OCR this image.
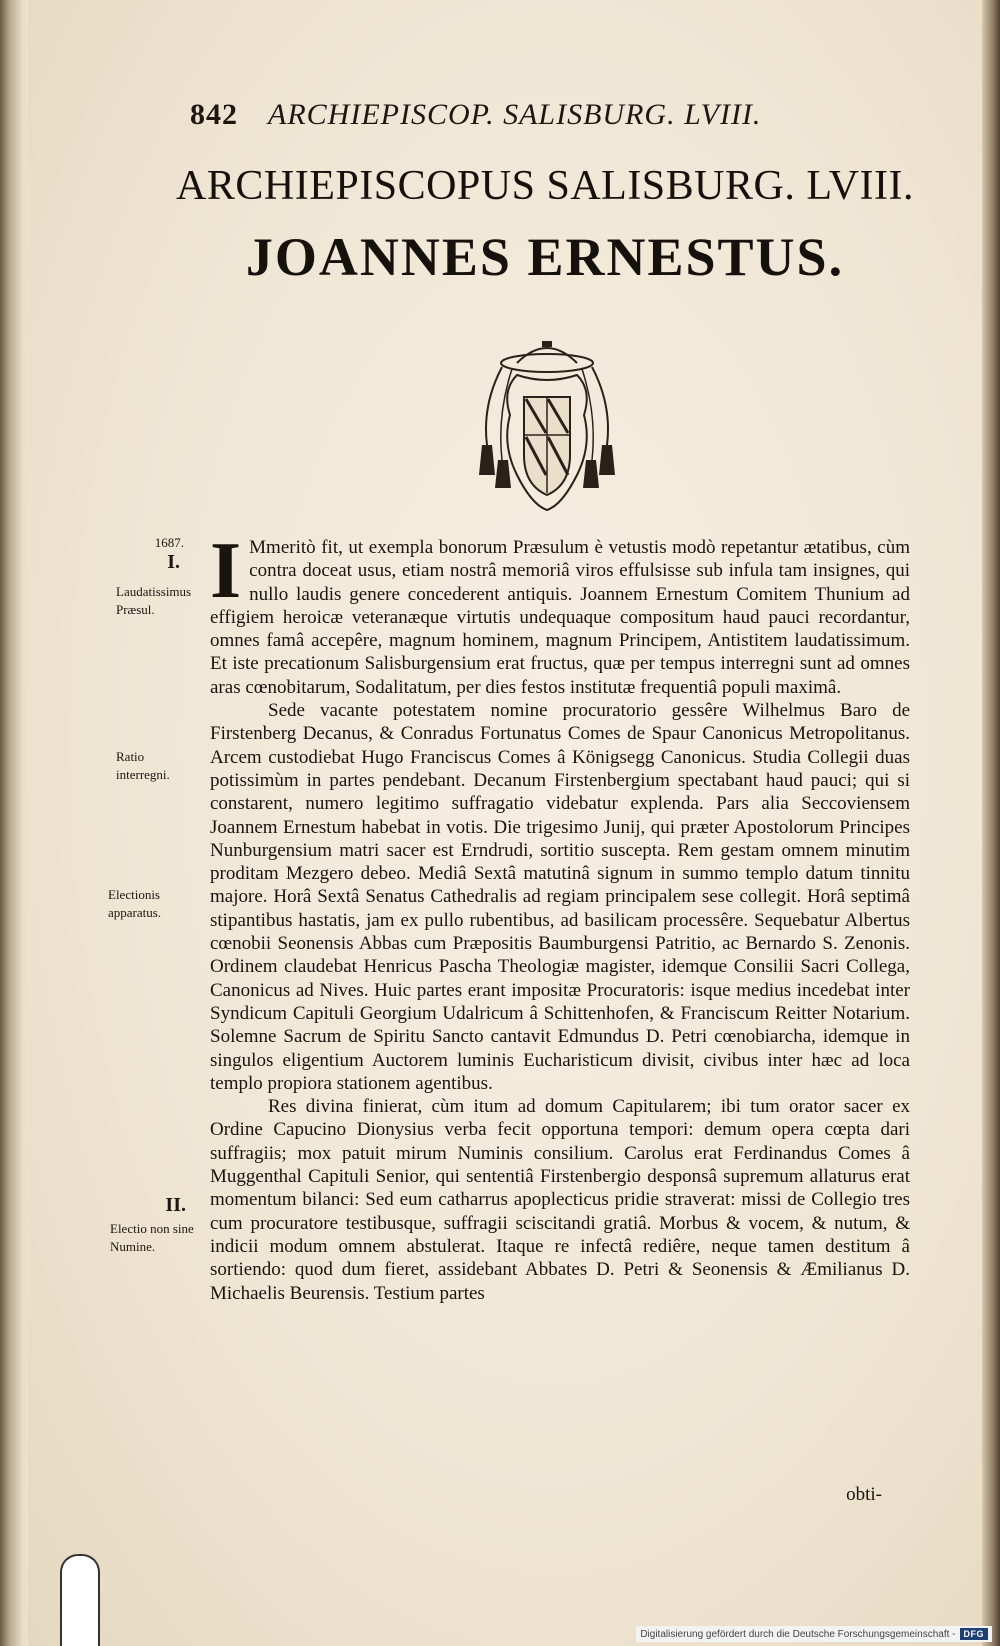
842 ARCHIEPISCOP. SALISBURG. LVIII.
ARCHIEPISCOPUS SALISBURG. LVIII.
JOANNES ERNESTUS.
1687.
I.
Laudatissimus Præsul.
Ratio interregni.
Electionis apparatus.
II.
Electio non sine Numine.

I Mmeritò fit, ut exempla bonorum Præsulum è vetustis modò repetantur ætatibus, cùm contra doceat usus, etiam nostrâ memoriâ viros effulsisse sub infula tam insignes, qui nullo laudis genere concederent antiquis. Joannem Ernestum Comitem Thunium ad effigiem heroicæ veteranæque virtutis undequaque compositum haud pauci recordantur, omnes famâ accepêre, magnum hominem, magnum Principem, Antistitem laudatissimum. Et iste precationum Salisburgensium erat fructus, quæ per tempus interregni sunt ad omnes aras cœnobitarum, Sodalitatum, per dies festos institutæ frequentiâ populi maximâ.

Sede vacante potestatem nomine procuratorio gessêre Wilhelmus Baro de Firstenberg Decanus, & Conradus Fortunatus Comes de Spaur Canonicus Metropolitanus. Arcem custodiebat Hugo Franciscus Comes â Königsegg Canonicus. Studia Collegii duas potissimùm in partes pendebant. Decanum Firstenbergium spectabant haud pauci; qui si constarent, numero legitimo suffragatio videbatur explenda. Pars alia Seccoviensem Joannem Ernestum habebat in votis. Die trigesimo Junij, qui præter Apostolorum Principes Nunburgensium matri sacer est Erndrudi, sortitio suscepta. Rem gestam omnem minutim proditam Mezgero debeo. Mediâ Sextâ matutinâ signum in summo templo datum tinnitu majore. Horâ Sextâ Senatus Cathedralis ad regiam principalem sese collegit. Horâ septimâ stipantibus hastatis, jam ex pullo rubentibus, ad basilicam processêre. Sequebatur Albertus cœnobii Seonensis Abbas cum Præpositis Baumburgensi Patritio, ac Bernardo S. Zenonis. Ordinem claudebat Henricus Pascha Theologiæ magister, idemque Consilii Sacri Collega, Canonicus ad Nives. Huic partes erant impositæ Procuratoris: isque medius incedebat inter Syndicum Capituli Georgium Udalricum â Schittenhofen, & Franciscum Reitter Notarium. Solemne Sacrum de Spiritu Sancto cantavit Edmundus D. Petri cœnobiarcha, idemque in singulos eligentium Auctorem luminis Eucharisticum divisit, civibus inter hæc ad loca templo propiora stationem agentibus.

Res divina finierat, cùm itum ad domum Capitularem; ibi tum orator sacer ex Ordine Capucino Dionysius verba fecit opportuna tempori: demum opera cœpta dari suffragiis; mox patuit mirum Numinis consilium. Carolus erat Ferdinandus Comes â Muggenthal Capituli Senior, qui sententiâ Firstenbergio desponsâ supremum allaturus erat momentum bilanci: Sed eum catharrus apoplecticus pridie straverat: missi de Collegio tres cum procuratore testibusque, suffragii sciscitandi gratiâ. Morbus & vocem, & nutum, & indicii modum omnem abstulerat. Itaque re infectâ rediêre, neque tamen destitum â sortiendo: quod dum fieret, assidebant Abbates D. Petri & Seonensis & Æmilianus D. Michaelis Beurensis. Testium partes

obti-
Digitalisierung gefördert durch die Deutsche Forschungsgemeinschaft - DFG
